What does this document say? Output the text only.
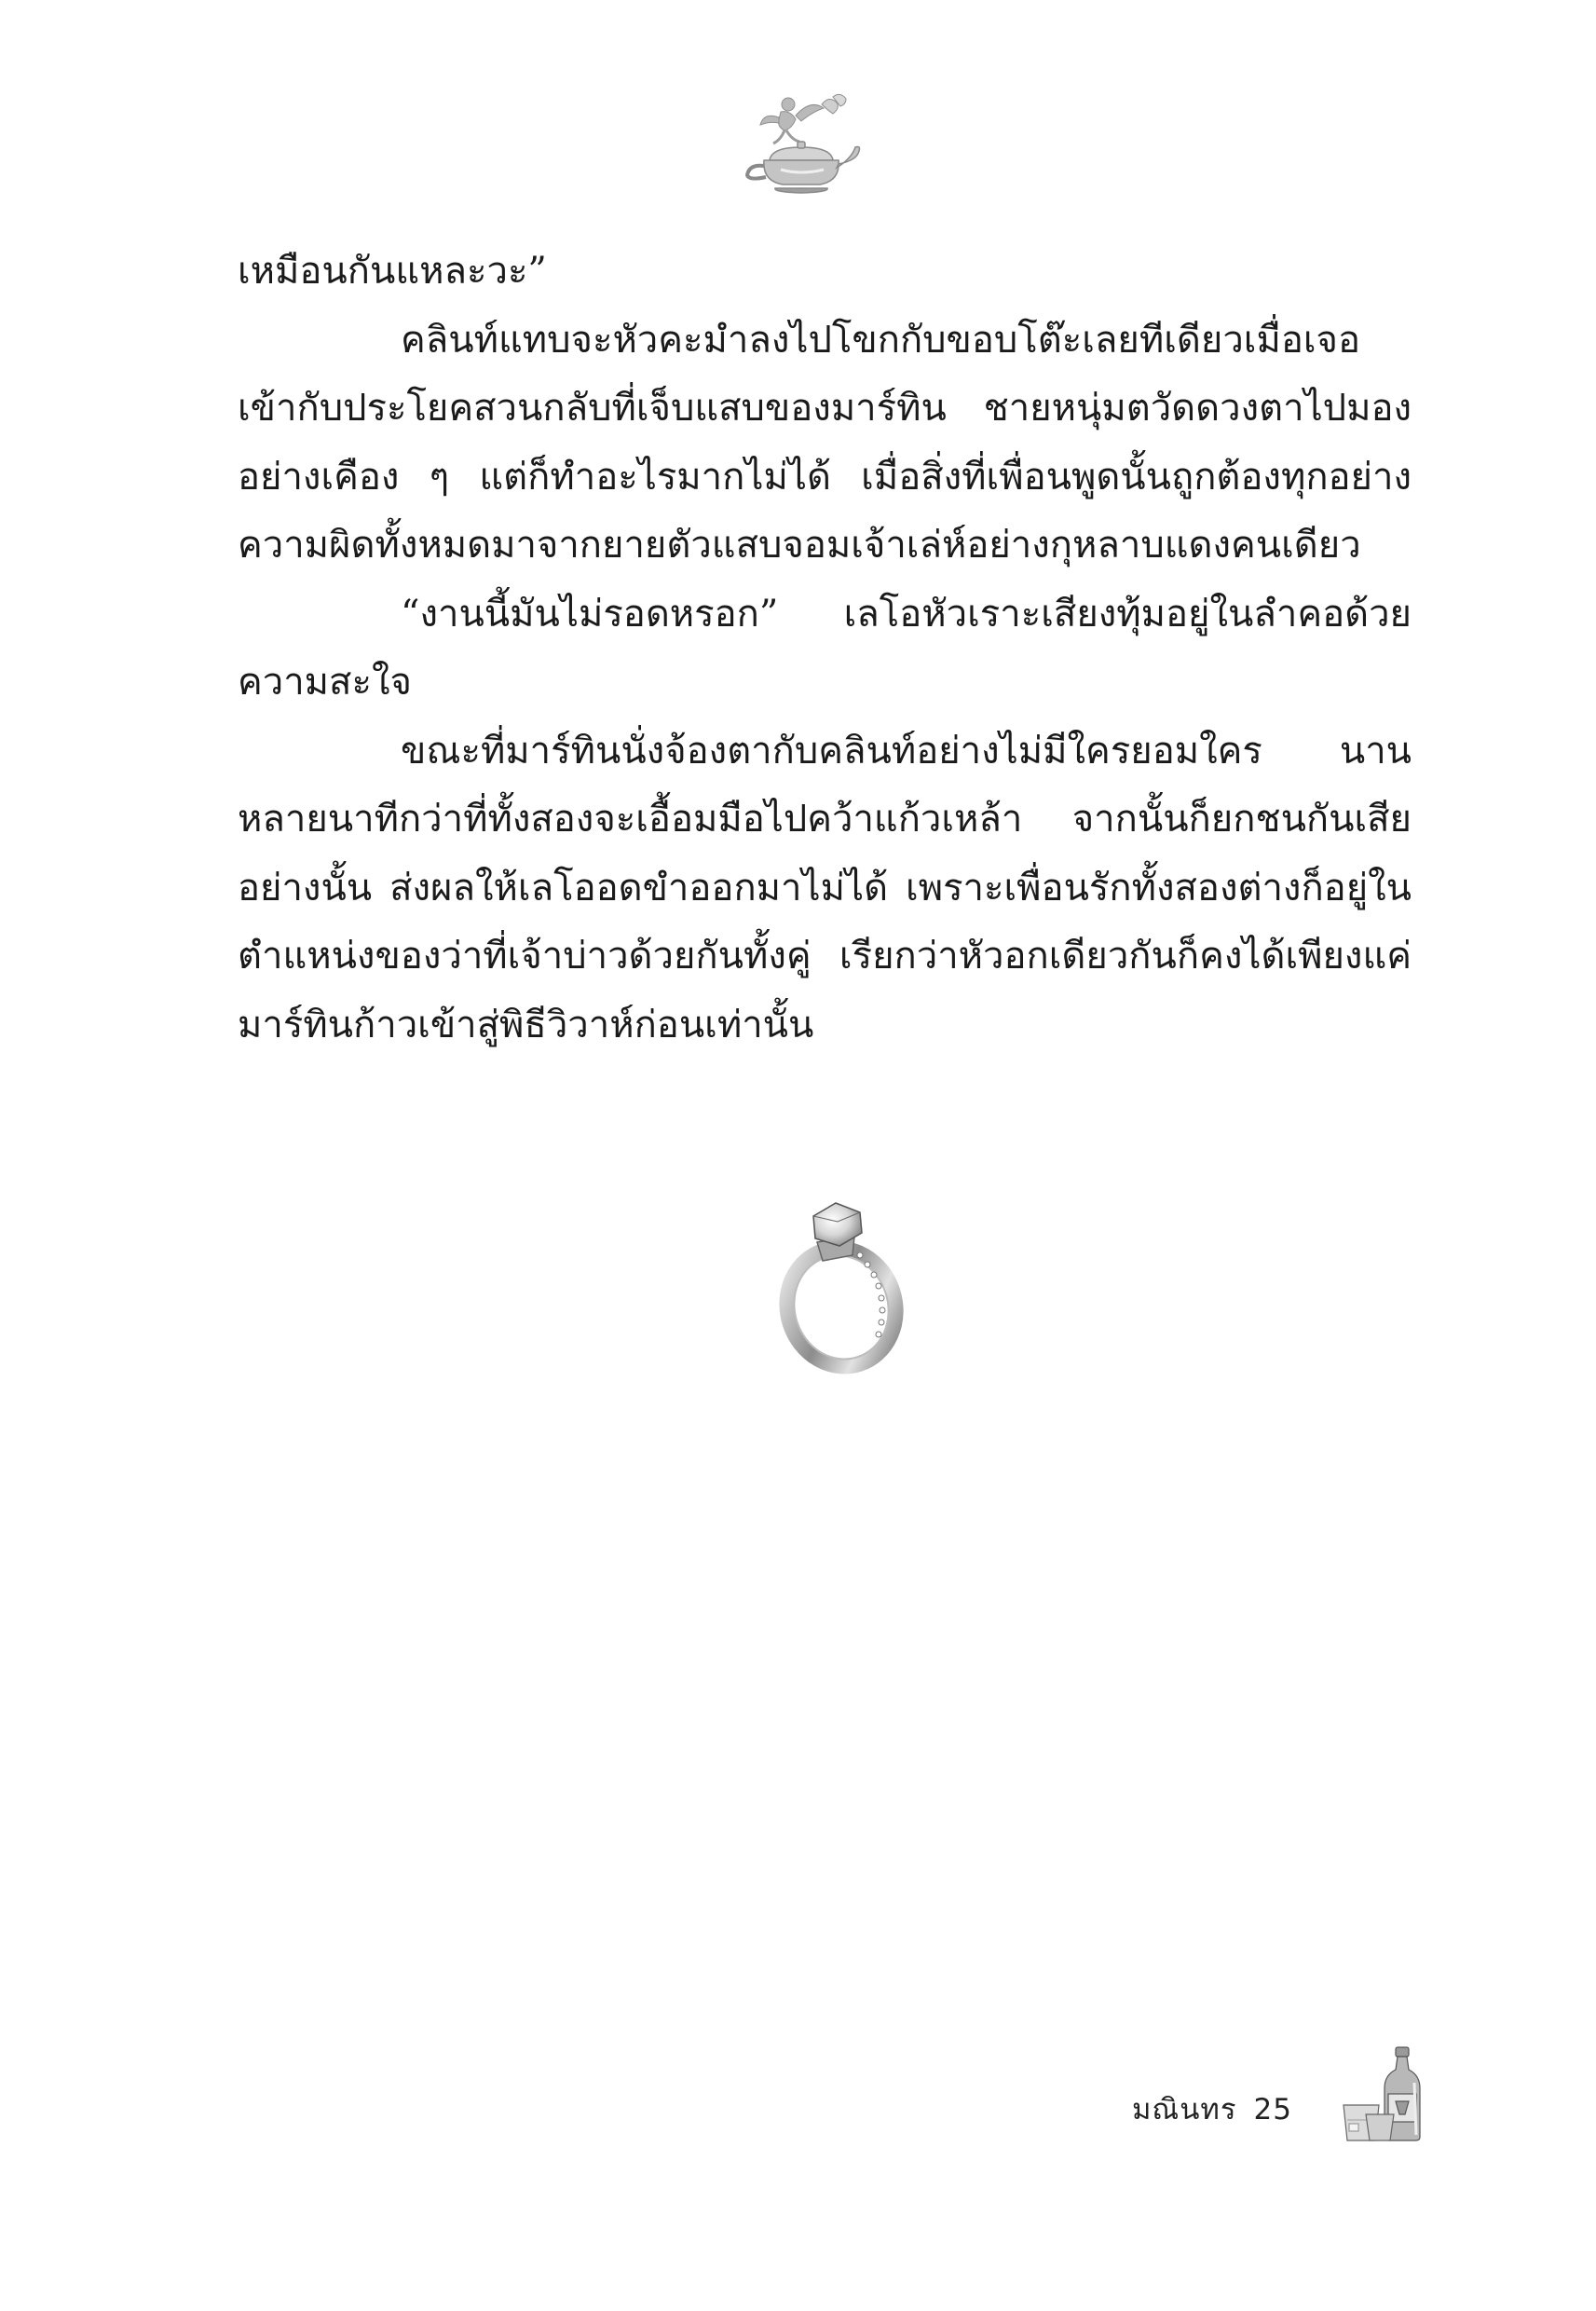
เหมือนกันแหละวะ”

คลินท์แทบจะหัวคะมำลงไปโขกกับขอบโต๊ะเลยทีเดียวเมื่อเจอเข้ากับประโยคสวนกลับที่เจ็บแสบของมาร์ทิน ชายหนุ่มตวัดดวงตาไปมองอย่างเคือง ๆ แต่ก็ทำอะไรมากไม่ได้ เมื่อสิ่งที่เพื่อนพูดนั้นถูกต้องทุกอย่าง ความผิดทั้งหมดมาจากยายตัวแสบจอมเจ้าเล่ห์อย่างกุหลาบแดงคนเดียว

“งานนี้มันไม่รอดหรอก” เลโอหัวเราะเสียงทุ้มอยู่ในลำคอด้วยความสะใจ

ขณะที่มาร์ทินนั่งจ้องตากับคลินท์อย่างไม่มีใครยอมใคร นานหลายนาทีกว่าที่ทั้งสองจะเอื้อมมือไปคว้าแก้วเหล้า จากนั้นก็ยกชนกันเสียอย่างนั้น ส่งผลให้เลโออดขำออกมาไม่ได้ เพราะเพื่อนรักทั้งสองต่างก็อยู่ในตำแหน่งของว่าที่เจ้าบ่าวด้วยกันทั้งคู่ เรียกว่าหัวอกเดียวกันก็คงได้เพียงแค่มาร์ทินก้าวเข้าสู่พิธีวิวาห์ก่อนเท่านั้น

มณินทร 25
